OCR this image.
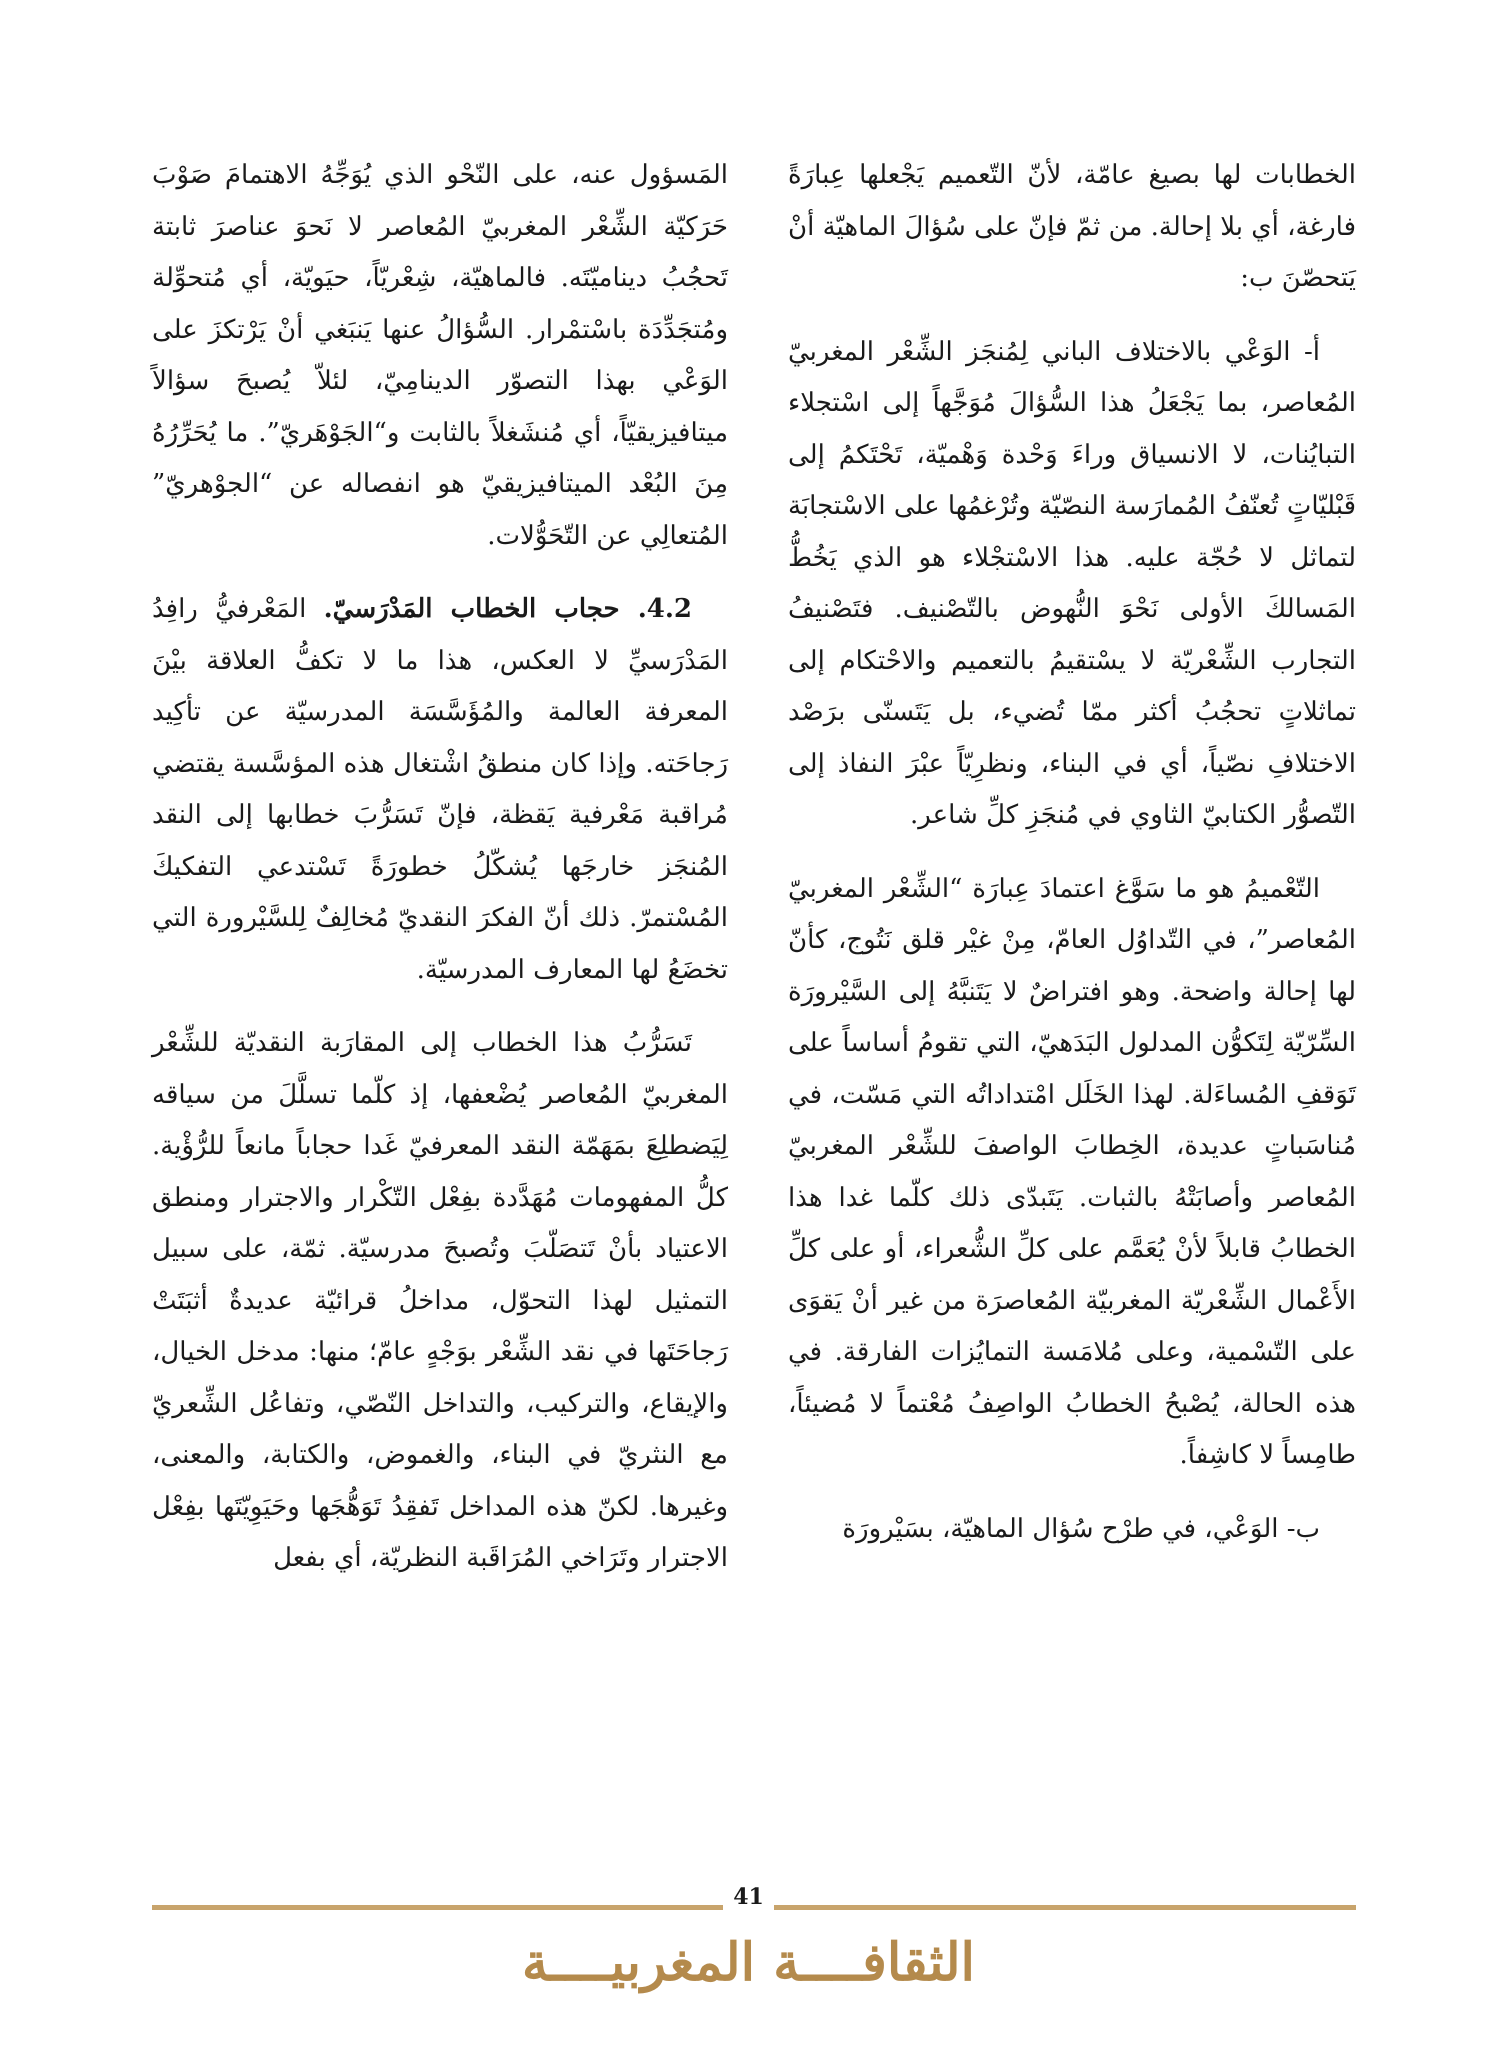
الخطابات لها بصيغ عامّة، لأنّ التّعميم يَجْعلها عِبارَةً فارغة، أي بلا إحالة. من ثمّ فإنّ على سُؤالَ الماهيّة أنْ يَتحصّنَ ب:

أ- الوَعْي بالاختلاف الباني لِمُنجَز الشِّعْر المغربيّ المُعاصر، بما يَجْعَلُ هذا السُّؤالَ مُوَجَّهاً إلى اسْتجلاء التبايُنات، لا الانسياق وراءَ وَحْدة وَهْميّة، تَحْتَكمُ إلى قَبْليّاتٍ تُعنّفُ المُمارَسة النصّيّة وتُرْغمُها على الاسْتجابَة لتماثل لا حُجّة عليه. هذا الاسْتجْلاء هو الذي يَخُطُّ المَسالكَ الأولى نَحْوَ النُّهوض بالتّصْنيف. فتَصْنيفُ التجارب الشِّعْريّة لا يسْتقيمُ بالتعميم والاحْتكام إلى تماثلاتٍ تحجُبُ أكثر ممّا تُضيء، بل يَتَسنّى برَصْد الاختلافِ نصّياً، أي في البناء، ونظرِيّاً عبْرَ النفاذ إلى التّصوُّر الكتابيّ الثاوي في مُنجَزِ كلِّ شاعر.

التّعْميمُ هو ما سَوَّغ اعتمادَ عِبارَة “الشِّعْر المغربيّ المُعاصر”، في التّداوُل العامّ، مِنْ غيْر قلق نَتُوج، كأنّ لها إحالة واضحة. وهو افتراضٌ لا يَتَنبَّهُ إلى السَّيْرورَة السِّرّيّة لِتَكوُّن المدلول البَدَهيّ، التي تقومُ أساساً على تَوَقفِ المُساءَلة. لهذا الخَلَل امْتداداتُه التي مَسّت، في مُناسَباتٍ عديدة، الخِطابَ الواصفَ للشِّعْر المغربيّ المُعاصر وأصابَتْهُ بالثبات. يَتَبدّى ذلك كلّما غدا هذا الخطابُ قابلاً لأنْ يُعَمَّم على كلِّ الشُّعراء، أو على كلِّ الأَعْمال الشِّعْريّة المغربيّة المُعاصرَة من غير أنْ يَقوَى على التّسْمية، وعلى مُلامَسة التمايُزات الفارقة. في هذه الحالة، يُصْبحُ الخطابُ الواصِفُ مُعْتماً لا مُضيئاً، طامِساً لا كاشِفاً.

ب- الوَعْي، في طرْح سُؤال الماهيّة، بسَيْرورَة

المَسؤول عنه، على النّحْو الذي يُوَجِّهُ الاهتمامَ صَوْبَ حَرَكيّة الشِّعْر المغربيّ المُعاصر لا نَحوَ عناصرَ ثابتة تَحجُبُ ديناميّتَه. فالماهيّة، شِعْريّاً، حيَويّة، أي مُتحوِّلة ومُتجَدِّدَة باسْتمْرار. السُّؤالُ عنها يَنبَغي أنْ يَرْتكزَ على الوَعْي بهذا التصوّر الدينامِيّ، لئلاّ يُصبحَ سؤالاً ميتافيزيقيّاً، أي مُنشَغلاً بالثابت و“الجَوْهَريّ”. ما يُحَرِّرُهُ مِنَ البُعْد الميتافيزيقيّ هو انفصاله عن “الجوْهريّ” المُتعالِي عن التّحَوُّلات.

4.2. حجاب الخطاب المَدْرَسيّ. المَعْرفيُّ رافِدُ المَدْرَسيِّ لا العكس، هذا ما لا تكفُّ العلاقة بيْنَ المعرفة العالمة والمُؤَسَّسَة المدرسيّة عن تأكِيد رَجاحَته. وإذا كان منطقُ اشْتغال هذه المؤسَّسة يقتضي مُراقبة مَعْرفية يَقظة، فإنّ تَسَرُّبَ خطابها إلى النقد المُنجَز خارجَها يُشكّلُ خطورَةً تَسْتدعي التفكيكَ المُسْتمرّ. ذلك أنّ الفكرَ النقديّ مُخالِفٌ لِلسَّيْرورة التي تخضَعُ لها المعارف المدرسيّة.

تَسَرُّبُ هذا الخطاب إلى المقارَبة النقديّة للشِّعْر المغربيّ المُعاصر يُضْعفها، إذ كلّما تسلَّلَ من سياقه لِيَضطلِعَ بمَهَمّة النقد المعرفيّ غَدا حجاباً مانعاً للرُّؤْية. كلُّ المفهومات مُهَدَّدة بفِعْل التّكْرار والاجترار ومنطق الاعتياد بأنْ تَتصَلّبَ وتُصبحَ مدرسيّة. ثمّة، على سبيل التمثيل لهذا التحوّل، مداخلُ قرائيّة عديدةٌ أثبَتَتْ رَجاحَتَها في نقد الشِّعْر بوَجْهٍ عامّ؛ منها: مدخل الخيال، والإيقاع، والتركيب، والتداخل النّصّي، وتفاعُل الشِّعريّ مع النثريّ في البناء، والغموض، والكتابة، والمعنى، وغيرها. لكنّ هذه المداخل تَفقِدُ تَوَهُّجَها وحَيَوِيّتَها بفِعْل الاجترار وتَرَاخي المُرَاقَبة النظريّة، أي بفعل

41
الثقافــــة المغربيــــة
